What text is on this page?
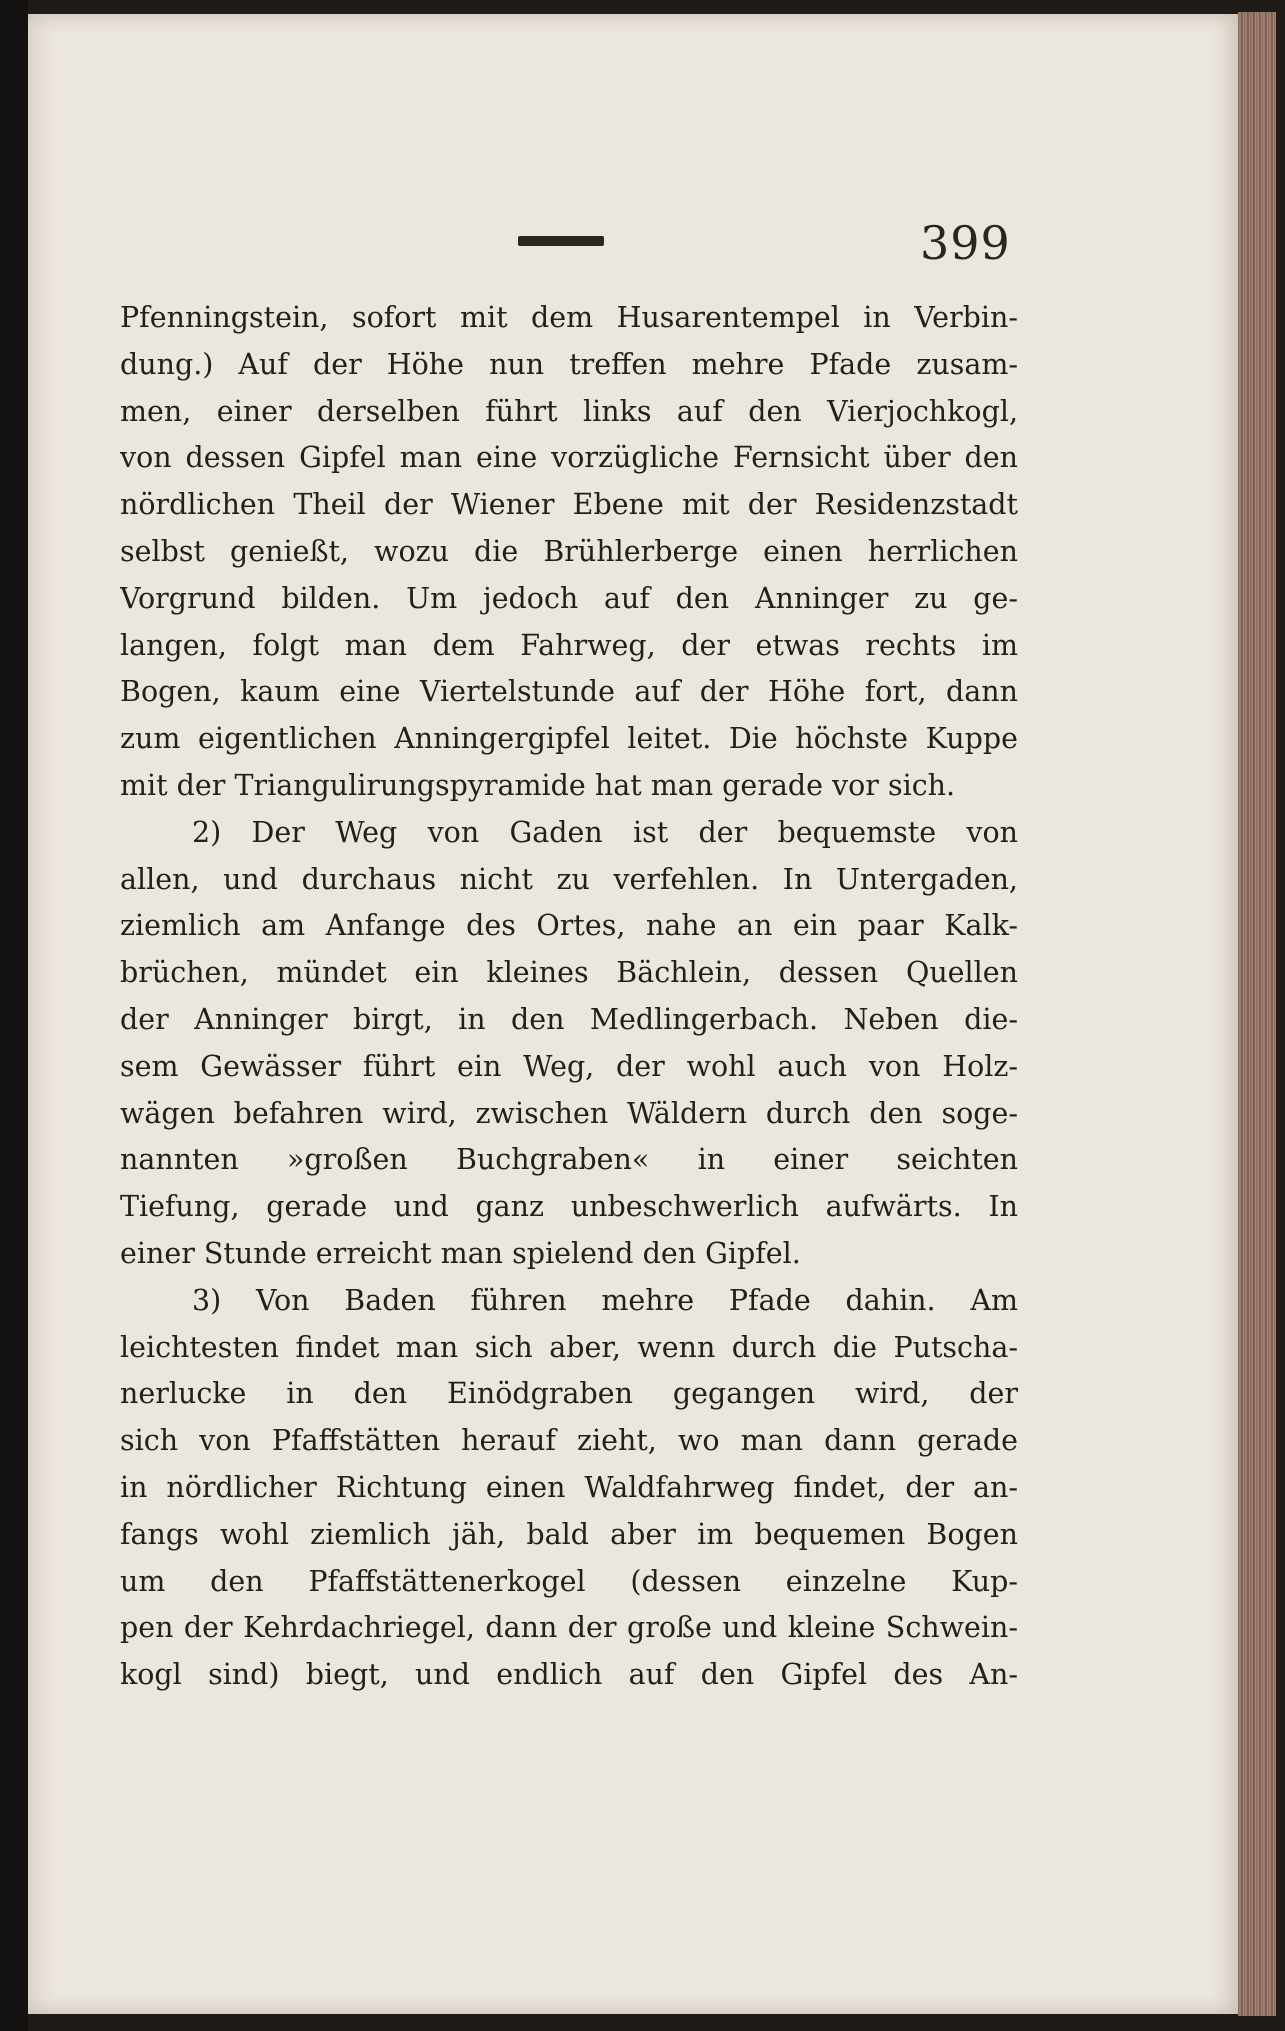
399
Pfenningstein, sofort mit dem Husarentempel in Verbin-
dung.) Auf der Höhe nun treffen mehre Pfade zusam-
men, einer derselben führt links auf den Vierjochkogl,
von dessen Gipfel man eine vorzügliche Fernsicht über den
nördlichen Theil der Wiener Ebene mit der Residenzstadt
selbst genießt, wozu die Brühlerberge einen herrlichen
Vorgrund bilden. Um jedoch auf den Anninger zu ge-
langen, folgt man dem Fahrweg, der etwas rechts im
Bogen, kaum eine Viertelstunde auf der Höhe fort, dann
zum eigentlichen Anningergipfel leitet. Die höchste Kuppe
mit der Triangulirungspyramide hat man gerade vor sich.
2) Der Weg von Gaden ist der bequemste von
allen, und durchaus nicht zu verfehlen. In Untergaden,
ziemlich am Anfange des Ortes, nahe an ein paar Kalk-
brüchen, mündet ein kleines Bächlein, dessen Quellen
der Anninger birgt, in den Medlingerbach. Neben die-
sem Gewässer führt ein Weg, der wohl auch von Holz-
wägen befahren wird, zwischen Wäldern durch den soge-
nannten »großen Buchgraben« in einer seichten
Tiefung, gerade und ganz unbeschwerlich aufwärts. In
einer Stunde erreicht man spielend den Gipfel.
3) Von Baden führen mehre Pfade dahin. Am
leichtesten findet man sich aber, wenn durch die Putscha-
nerlucke in den Einödgraben gegangen wird, der
sich von Pfaffstätten herauf zieht, wo man dann gerade
in nördlicher Richtung einen Waldfahrweg findet, der an-
fangs wohl ziemlich jäh, bald aber im bequemen Bogen
um den Pfaffstättenerkogel (dessen einzelne Kup-
pen der Kehrdachriegel, dann der große und kleine Schwein-
kogl sind) biegt, und endlich auf den Gipfel des An-
